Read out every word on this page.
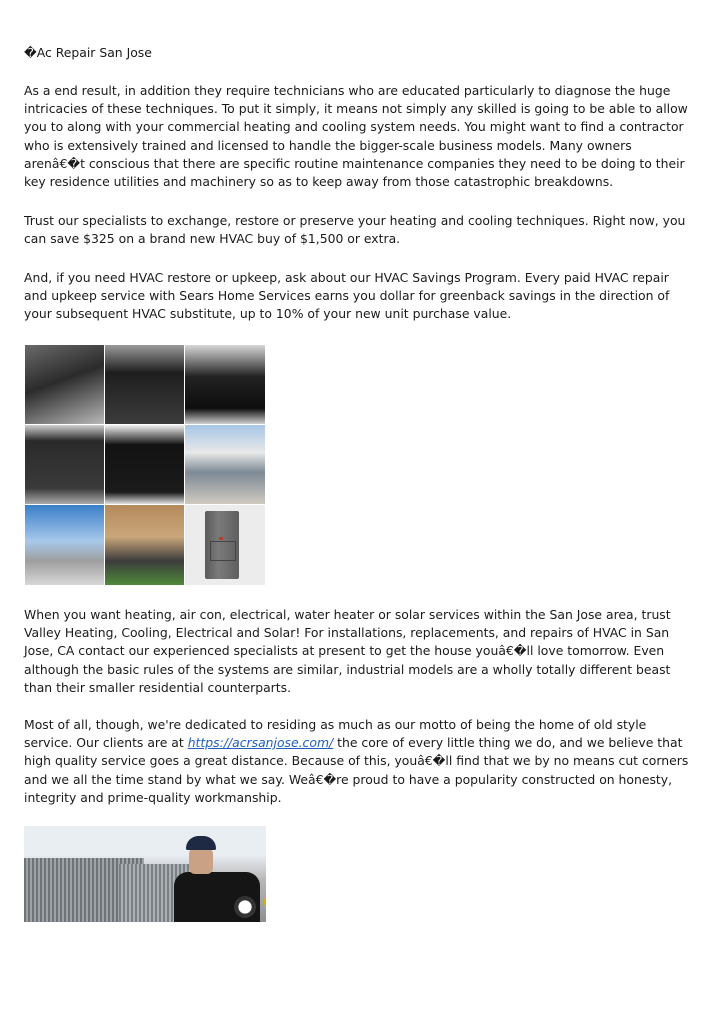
�Ac Repair San Jose

As a end result, in addition they require technicians who are educated particularly to diagnose the huge intricacies of these techniques. To put it simply, it means not simply any skilled is going to be able to allow you to along with your commercial heating and cooling system needs. You might want to find a contractor who is extensively trained and licensed to handle the bigger-scale business models. Many owners arenâ€�t conscious that there are specific routine maintenance companies they need to be doing to their key residence utilities and machinery so as to keep away from those catastrophic breakdowns.

Trust our specialists to exchange, restore or preserve your heating and cooling techniques. Right now, you can save $325 on a brand new HVAC buy of $1,500 or extra.

And, if you need HVAC restore or upkeep, ask about our HVAC Savings Program. Every paid HVAC repair and upkeep service with Sears Home Services earns you dollar for greenback savings in the direction of your subsequent HVAC substitute, up to 10% of your new unit purchase value.

When you want heating, air con, electrical, water heater or solar services within the San Jose area, trust Valley Heating, Cooling, Electrical and Solar! For installations, replacements, and repairs of HVAC in San Jose, CA contact our experienced specialists at present to get the house youâ€�ll love tomorrow. Even although the basic rules of the systems are similar, industrial models are a wholly totally different beast than their smaller residential counterparts.

Most of all, though, we're dedicated to residing as much as our motto of being the home of old style service. Our clients are at https://acrsanjose.com/ the core of every little thing we do, and we believe that high quality service goes a great distance. Because of this, youâ€�ll find that we by no means cut corners and we all the time stand by what we say. Weâ€�re proud to have a popularity constructed on honesty, integrity and prime-quality workmanship.
